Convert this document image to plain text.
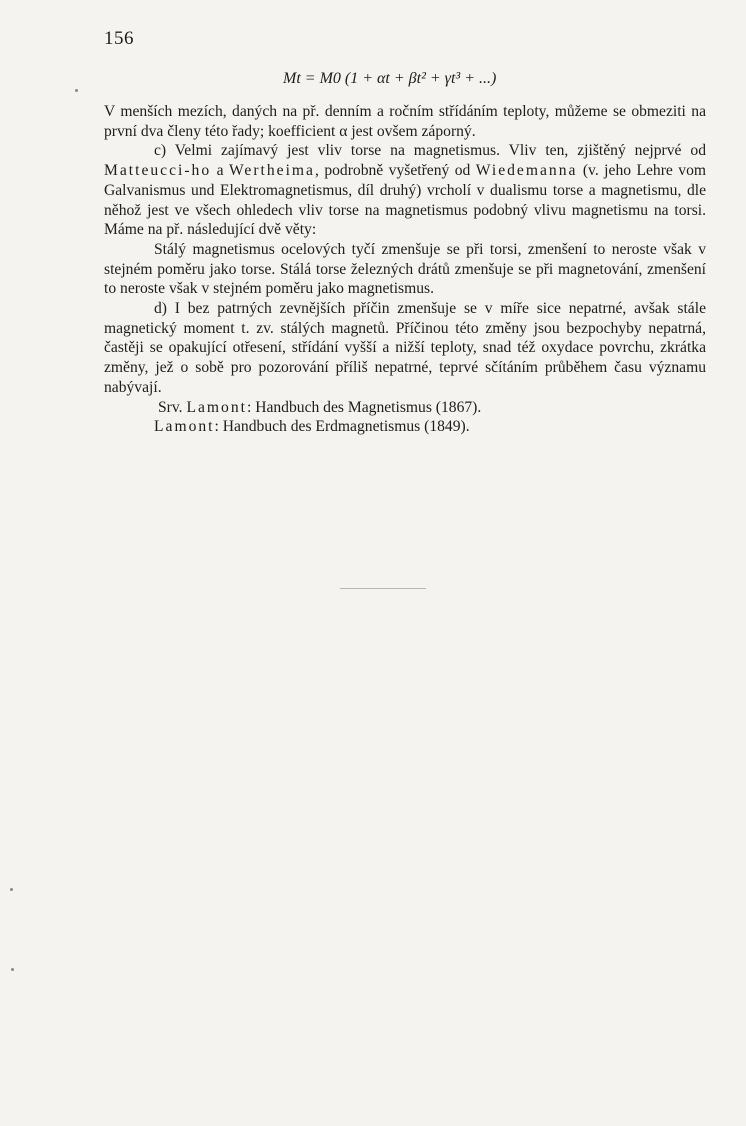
156
Mt = M0 (1 + αt + βt² + γt³ + ...)

V menších mezích, daných na př. denním a ročním střídáním teploty, můžeme se obmeziti na první dva členy této řady; koefficient α jest ovšem záporný.

c) Velmi zajímavý jest vliv torse na magnetismus. Vliv ten, zjištěný nejprvé od Matteucci-ho a Wertheima, podrobně vyšetřený od Wiedemanna (v. jeho Lehre vom Galvanismus und Elektromagnetismus, díl druhý) vrcholí v dualismu torse a magnetismu, dle něhož jest ve všech ohledech vliv torse na magnetismus podobný vlivu magnetismu na torsi. Máme na př. následující dvě věty:

Stálý magnetismus ocelových tyčí zmenšuje se při torsi, zmenšení to neroste však v stejném poměru jako torse. Stálá torse železných drátů zmenšuje se při magnetování, zmenšení to neroste však v stejném poměru jako magnetismus.

d) I bez patrných zevnějších příčin zmenšuje se v míře sice nepatrné, avšak stále magnetický moment t. zv. stálých magnetů. Příčinou této změny jsou bezpochyby nepatrná, častěji se opakující otřesení, střídání vyšší a nižší teploty, snad též oxydace povrchu, zkrátka změny, jež o sobě pro pozorování příliš nepatrné, teprvé sčítáním průběhem času významu nabývají.

Srv. Lamont: Handbuch des Magnetismus (1867).
Lamont: Handbuch des Erdmagnetismus (1849).
